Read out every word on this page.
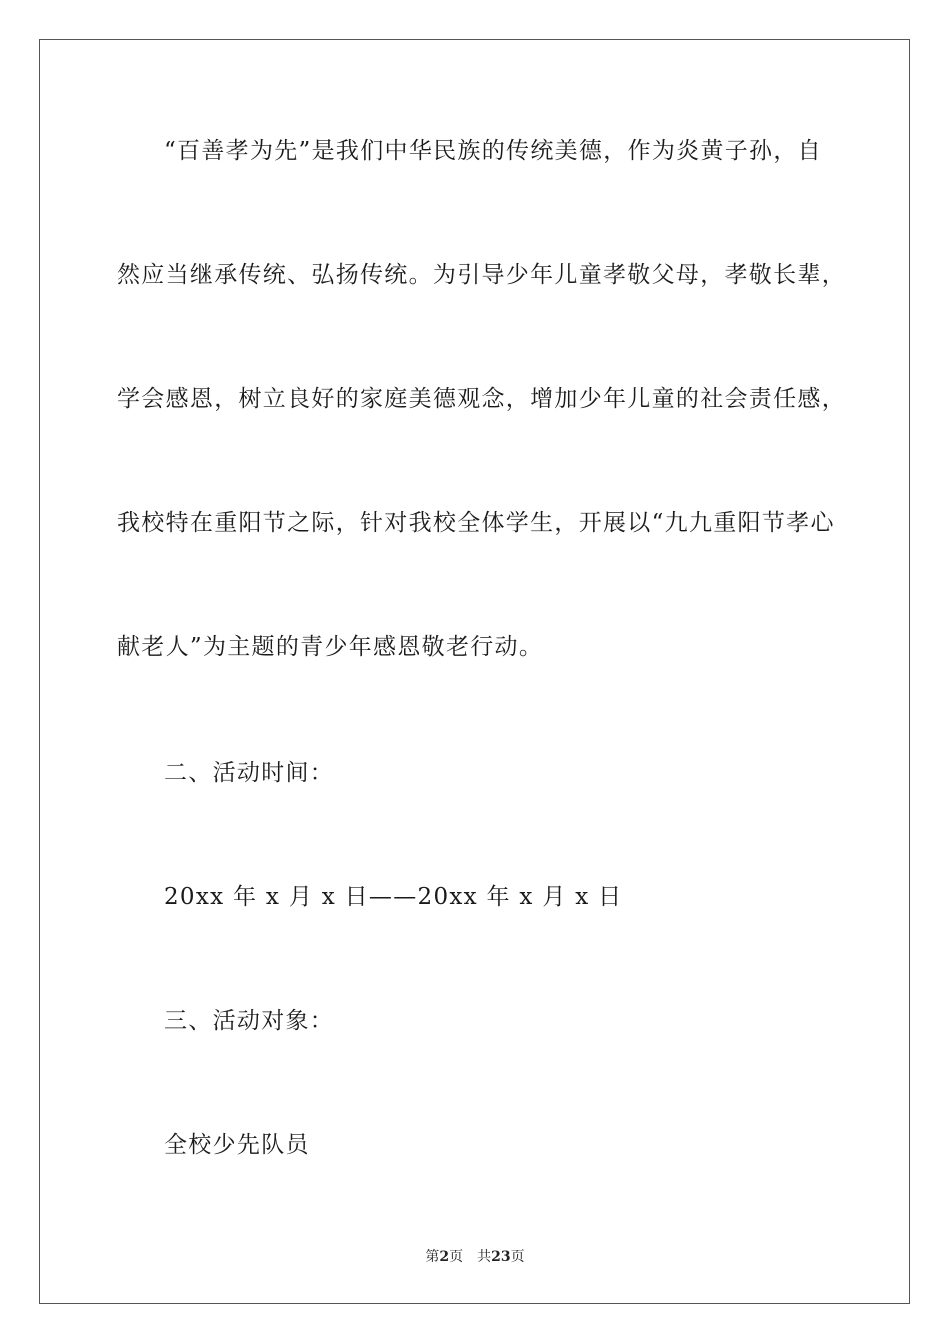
“百善孝为先”是我们中华民族的传统美德，作为炎黄子孙，自
然应当继承传统、弘扬传统。为引导少年儿童孝敬父母，孝敬长辈，
学会感恩，树立良好的家庭美德观念，增加少年儿童的社会责任感，
我校特在重阳节之际，针对我校全体学生，开展以“九九重阳节孝心
献老人”为主题的青少年感恩敬老行动。
二、活动时间：
20xx 年 x 月 x 日——20xx 年 x 月 x 日
三、活动对象：
全校少先队员
第2页　共23页
